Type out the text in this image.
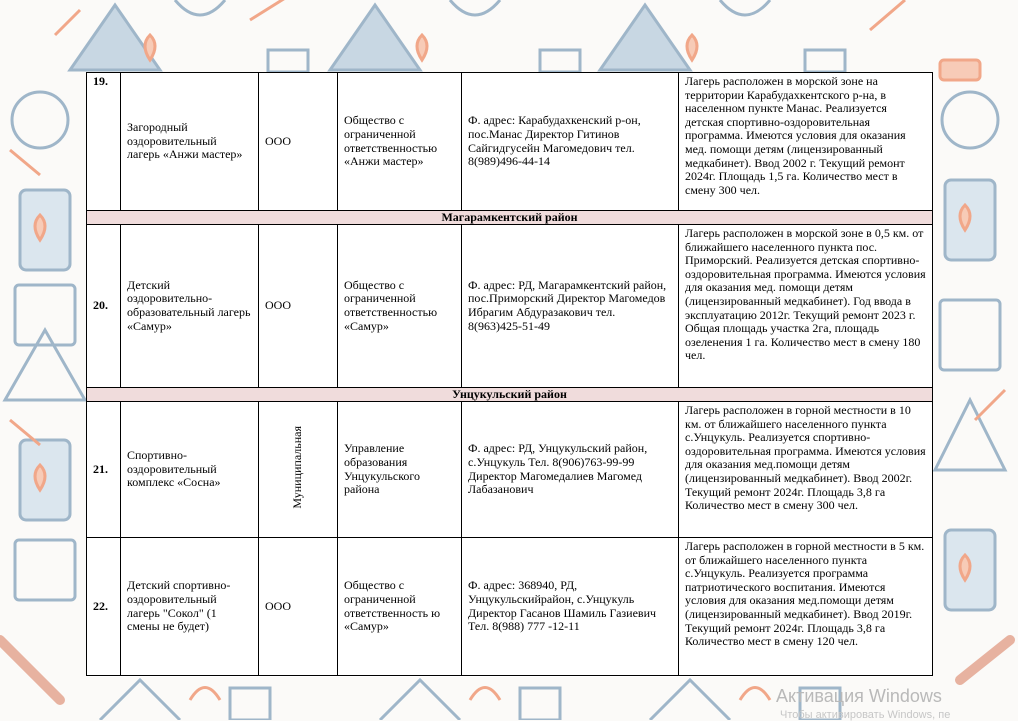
19.	Загородный оздоровительный лагерь «Анжи мастер»	ООО	Общество с ограниченной ответственностью «Анжи мастер»	Ф. адрес: Карабудахкенский р-он, пос.Манас Директор Гитинов Сайгидгусейн Магомедович тел. 8(989)496-44-14	Лагерь расположен в морской зоне на территории Карабудахкентского р-на, в населенном пункте Манас. Реализуется детская спортивно-оздоровительная программа. Имеются условия для оказания мед. помощи детям (лицензированный медкабинет). Ввод 2002 г. Текущий ремонт 2024г. Площадь 1,5 га. Количество мест в смену 300 чел.
Магарамкентский район					
20.	Детский оздоровительно-образовательный лагерь «Самур»	ООО	Общество с ограниченной ответственностью «Самур»	Ф. адрес: РД, Магарамкентский район, пос.Приморский Директор Магомедов Ибрагим Абдуразакович тел. 8(963)425-51-49	Лагерь расположен в морской зоне в 0,5 км. от ближайшего населенного пункта пос. Приморский. Реализуется детская спортивно-оздоровительная программа. Имеются условия для оказания мед. помощи детям (лицензированный медкабинет). Год ввода в эксплуатацию 2012г. Текущий ремонт 2023 г. Общая площадь участка 2га, площадь озеленения 1 га. Количество мест в смену 180 чел.
Унцукульский район					
21.	Спортивно-оздоровительный комплекс «Сосна»	Муниципальная	Управление образования Унцукульского района	Ф. адрес: РД, Унцукульский район, с.Унцукуль Тел. 8(906)763-99-99 Директор Магомедалиев Магомед Лабазанович	Лагерь расположен в горной местности в 10 км. от ближайшего населенного пункта с.Унцукуль. Реализуется спортивно-оздоровительная программа. Имеются условия для оказания мед.помощи детям (лицензированный медкабинет). Ввод 2002г. Текущий ремонт 2024г. Площадь 3,8 га Количество мест в смену 300 чел.
22.	Детский спортивно-оздоровительный лагерь "Сокол" (1 смены не будет)	ООО	Общество с ограниченной ответственность ю «Самур»	Ф. адрес: 368940, РД, Унцукульскийрайон, с.Унцукуль Директор Гасанов Шамиль Газиевич Тел. 8(988) 777 -12-11	Лагерь расположен в горной местности в 5 км. от ближайшего населенного пункта с.Унцукуль. Реализуется программа патриотического воспитания. Имеются условия для оказания мед.помощи детям (лицензированный медкабинет). Ввод 2019г. Текущий ремонт 2024г. Площадь 3,8 га Количество мест в смену 120 чел.
Активация Windows
Чтобы активировать Windows, пе
